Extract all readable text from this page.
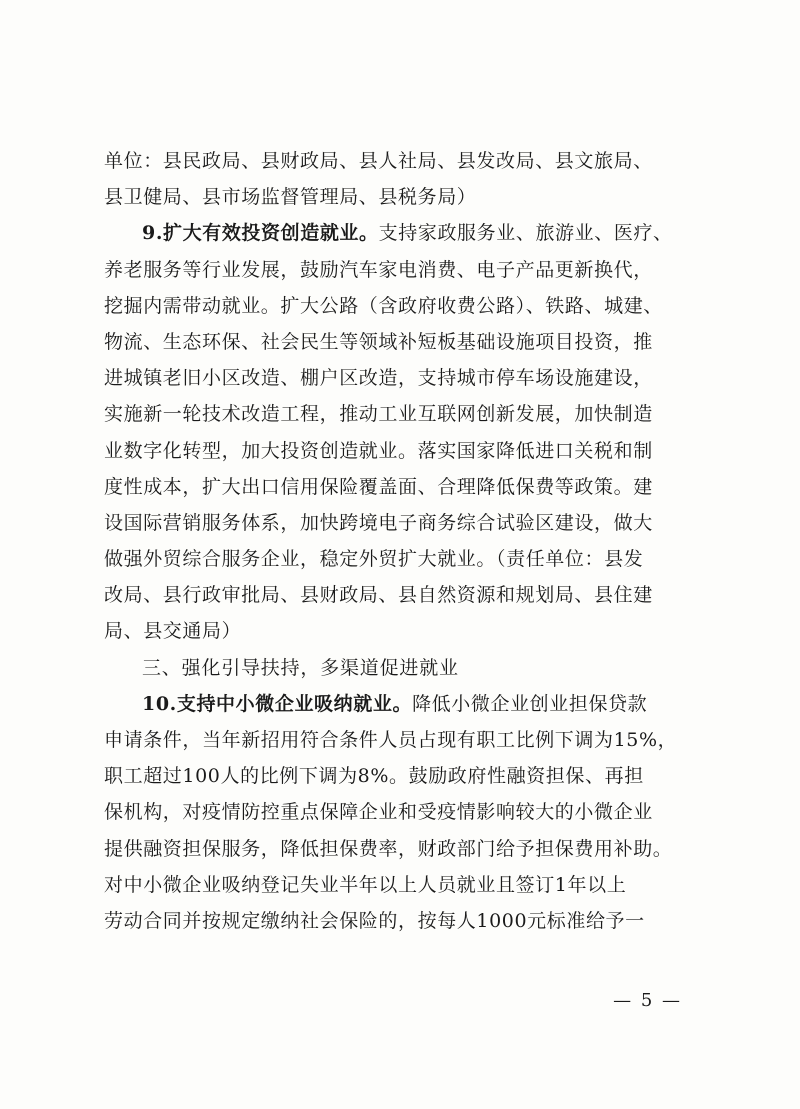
单位：县民政局、县财政局、县人社局、县发改局、县文旅局、
县卫健局、县市场监督管理局、县税务局）
9.扩大有效投资创造就业。支持家政服务业、旅游业、医疗、
养老服务等行业发展，鼓励汽车家电消费、电子产品更新换代，
挖掘内需带动就业。扩大公路（含政府收费公路）、铁路、城建、
物流、生态环保、社会民生等领域补短板基础设施项目投资，推
进城镇老旧小区改造、棚户区改造，支持城市停车场设施建设，
实施新一轮技术改造工程，推动工业互联网创新发展，加快制造
业数字化转型，加大投资创造就业。落实国家降低进口关税和制
度性成本，扩大出口信用保险覆盖面、合理降低保费等政策。建
设国际营销服务体系，加快跨境电子商务综合试验区建设，做大
做强外贸综合服务企业，稳定外贸扩大就业。（责任单位：县发
改局、县行政审批局、县财政局、县自然资源和规划局、县住建
局、县交通局）
三、强化引导扶持，多渠道促进就业
10.支持中小微企业吸纳就业。降低小微企业创业担保贷款
申请条件，当年新招用符合条件人员占现有职工比例下调为15%，
职工超过100人的比例下调为8%。鼓励政府性融资担保、再担
保机构，对疫情防控重点保障企业和受疫情影响较大的小微企业
提供融资担保服务，降低担保费率，财政部门给予担保费用补助。
对中小微企业吸纳登记失业半年以上人员就业且签订1年以上
劳动合同并按规定缴纳社会保险的，按每人1000元标准给予一
— 5 —
